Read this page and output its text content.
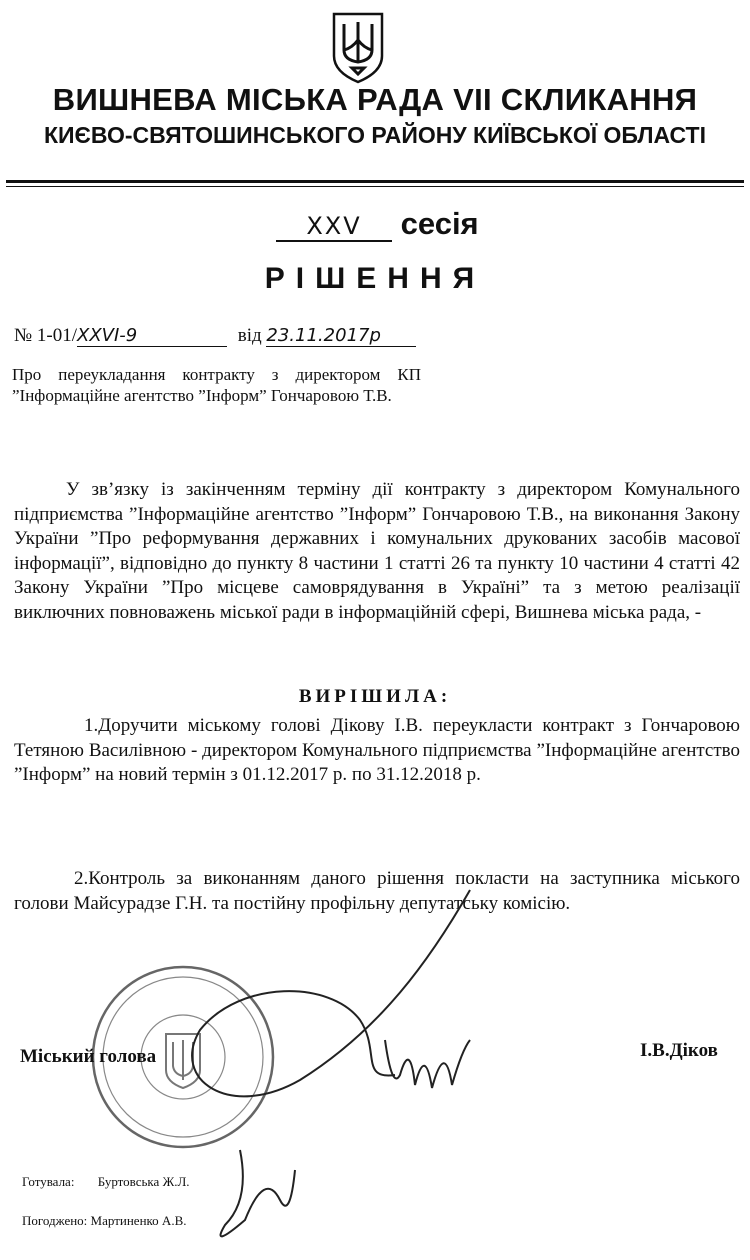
ВИШНЕВА МІСЬКА РАДА VII СКЛИКАННЯ
КИЄВО-СВЯТОШИНСЬКОГО РАЙОНУ КИЇВСЬКОЇ ОБЛАСТІ
XXV сесія
РІШЕННЯ
№ 1-01/XXVІ-9	від 23.11.2017р
Про переукладання контракту з директором КП ”Інформаційне агентство ”Інформ” Гончаровою Т.В.
У зв’язку із закінченням терміну дії контракту з директором Комунального підприємства ”Інформаційне агентство ”Інформ” Гончаровою Т.В., на виконання Закону України ”Про реформування державних і комунальних друкованих засобів масової інформації”, відповідно до пункту 8 частини 1 статті 26 та пункту 10 частини 4 статті 42 Закону України ”Про місцеве самоврядування в Україні” та з метою реалізації виключних повноважень міської ради в інформаційній сфері, Вишнева міська рада, -
ВИРІШИЛА:
1.Доручити міському голові Дікову І.В. переукласти контракт з Гончаровою Тетяною Василівною - директором Комунального підприємства ”Інформаційне агентство ”Інформ” на новий термін з 01.12.2017 р. по 31.12.2018 р.
2.Контроль за виконанням даного рішення покласти на заступника міського голови Майсурадзе Г.Н. та постійну профільну депутатську комісію.
Міський голова	І.В.Діков
Готувала: Буртовська Ж.Л.
Погоджено: Мартиненко А.В.
